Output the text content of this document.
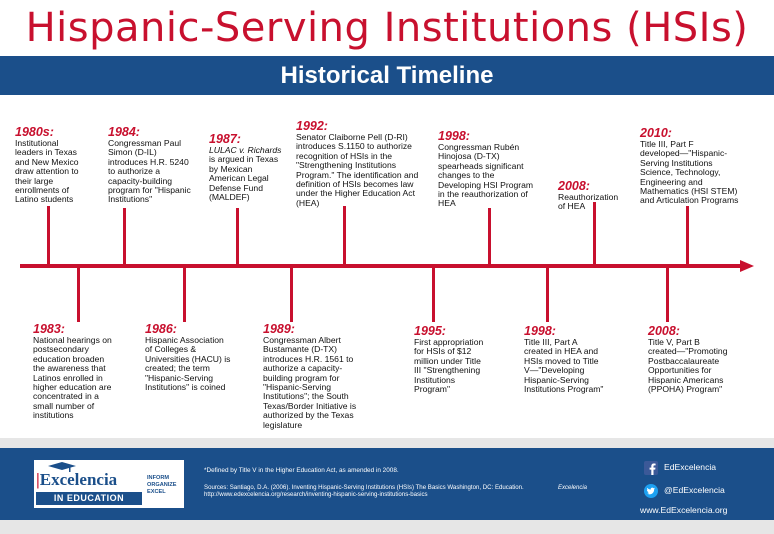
Hispanic-Serving Institutions (HSIs)
Historical Timeline
1980s:
Institutional
leaders in Texas
and New Mexico
draw attention to
their large
enrollments of
Latino students
1984:
Congressman Paul
Simon (D-IL)
introduces H.R. 5240
to authorize a
capacity-building
program for "Hispanic
Institutions"
1987:
LULAC v. Richards
is argued in Texas
by Mexican
American Legal
Defense Fund
(MALDEF)
1992:
Senator Claiborne Pell (D-RI)
introduces S.1150 to authorize
recognition of HSIs in the
"Strengthening Institutions
Program." The identification and
definition of HSIs becomes law
under the Higher Education Act
(HEA)
1998:
Congressman Rubén
Hinojosa (D-TX)
spearheads significant
changes to the
Developing HSI Program
in the reauthorization of
HEA
2008:
Reauthorization
of HEA
2010:
Title III, Part F
developed—"Hispanic-
Serving Institutions
Science, Technology,
Engineering and
Mathematics (HSI STEM)
and Articulation Programs
1983:
National hearings on
postsecondary
education broaden
the awareness that
Latinos enrolled in
higher education are
concentrated in a
small number of
institutions
1986:
Hispanic Association
of Colleges &
Universities (HACU) is
created; the term
"Hispanic-Serving
Institutions" is coined
1989:
Congressman Albert
Bustamante (D-TX)
introduces H.R. 1561 to
authorize a capacity-
building program for
"Hispanic-Serving
Institutions"; the South
Texas/Border Initiative is
authorized by the Texas
legislature
1995:
First appropriation
for HSIs of $12
million under Title
III "Strengthening
Institutions
Program"
1998:
Title III, Part A
created in HEA and
HSIs moved to Title
V—"Developing
Hispanic-Serving
Institutions Program"
2008:
Title V, Part B
created—"Promoting
Postbaccalaureate
Opportunities for
Hispanic Americans
(PPOHA) Program"
|Excelencia
IN EDUCATION
INFORM
ORGANIZE
EXCEL
*Defined by Title V in the Higher Education Act, as amended in 2008.
Sources: Santiago, D.A. (2006). Inventing Hispanic-Serving Institutions (HSIs) The Basics Washington, DC: Education. http://www.edexcelencia.org/research/inventing-hispanic-serving-institutions-basics
Excelencia
EdExcelencia
@EdExcelencia
www.EdExcelencia.org
